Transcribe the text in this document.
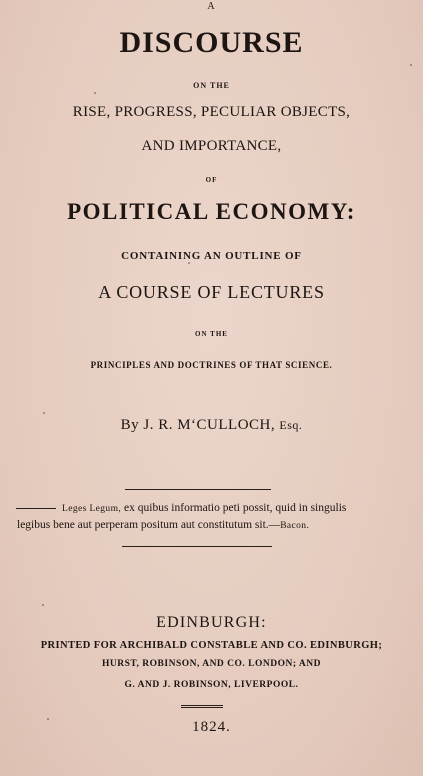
A
DISCOURSE
ON THE
RISE, PROGRESS, PECULIAR OBJECTS,
AND IMPORTANCE,
OF
POLITICAL ECONOMY:
CONTAINING AN OUTLINE OF
A COURSE OF LECTURES
ON THE
PRINCIPLES AND DOCTRINES OF THAT SCIENCE.
By J. R. M‘CULLOCH, Esq.
Leges Legum, ex quibus informatio peti possit, quid in singulis
legibus bene aut perperam positum aut constitutum sit.—Bacon.
EDINBURGH:
PRINTED FOR ARCHIBALD CONSTABLE AND CO. EDINBURGH;
HURST, ROBINSON, AND CO. LONDON; AND
G. AND J. ROBINSON, LIVERPOOL.
1824.
